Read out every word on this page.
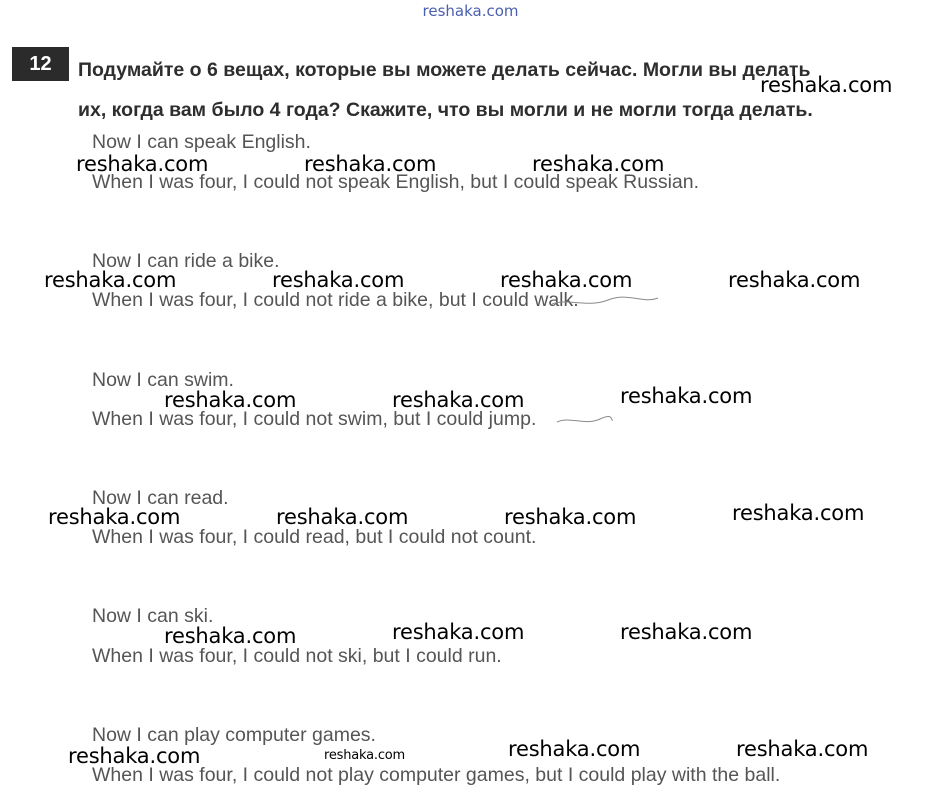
reshaka.com
12	Подумайте о 6 вещах, которые вы можете делать сейчас. Могли вы делать
их, когда вам было 4 года? Скажите, что вы могли и не могли тогда делать.
Now I can speak English.
When I was four, I could not speak English, but I could speak Russian.
Now I can ride a bike.
When I was four, I could not ride a bike, but I could walk.
Now I can swim.
When I was four, I could not swim, but I could jump.
Now I can read.
When I was four, I could read, but I could not count.
Now I can ski.
When I was four, I could not ski, but I could run.
Now I can play computer games.
When I was four, I could not play computer games, but I could play with the ball.
reshaka.com
reshaka.com	reshaka.com	reshaka.com
reshaka.com	reshaka.com	reshaka.com	reshaka.com
reshaka.com	reshaka.com	reshaka.com
reshaka.com	reshaka.com	reshaka.com	reshaka.com
reshaka.com	reshaka.com	reshaka.com
reshaka.com	reshaka.com	reshaka.com	reshaka.com
